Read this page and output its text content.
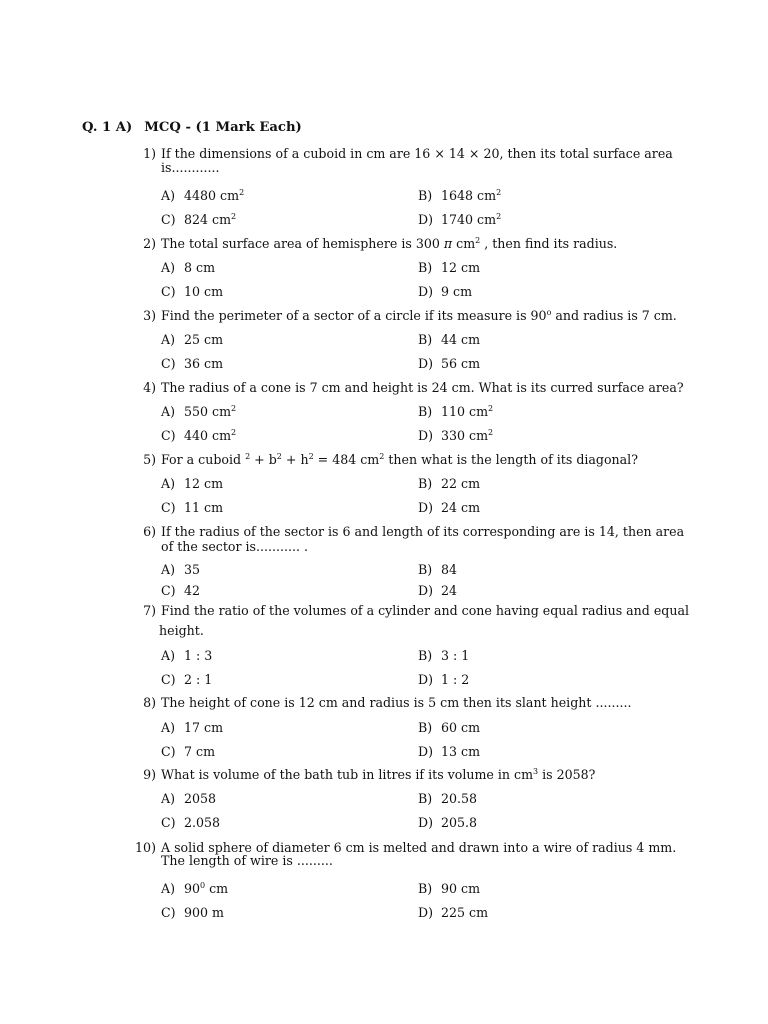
Q. 1 A) MCQ - (1 Mark Each)
1) If the dimensions of a cuboid in cm are 16 × 14 × 20, then its total surface area
is............
A) 4480 $cm^2$	B) 1648 $cm^2$
C) 824 $cm^2$	D) 1740 $cm^2$
2) The total surface area of hemisphere is 300 π $cm^2$ , then find its radius.
A) 8 cm	B) 12 cm
C) 10 cm	D) 9 cm
3) Find the perimeter of a sector of a circle if its measure is 90$^o$ and radius is 7 cm.
A) 25 cm	B) 44 cm
C) 36 cm	D) 56 cm
4) The radius of a cone is 7 cm and height is 24 cm. What is its curred surface area?
A) 550 $cm^2$	B) 110 $cm^2$
C) 440 $cm^2$	D) 330 $cm^2$
5) For a cuboid $^2 + b^2 + h^2 = 484$ $cm^2$ then what is the length of its diagonal?
A) 12 cm	B) 22 cm
C) 11 cm	D) 24 cm
6) If the radius of the sector is 6 and length of its corresponding are is 14, then area
of the sector is........... .
A) 35	B) 84
C) 42	D) 24
7) Find the ratio of the volumes of a cylinder and cone having equal radius and equal
height.
A) 1 : 3	B) 3 : 1
C) 2 : 1	D) 1 : 2
8) The height of cone is 12 cm and radius is 5 cm then its slant height .........
A) 17 cm	B) 60 cm
C) 7 cm	D) 13 cm
9) What is volume of the bath tub in litres if its volume in $cm^3$ is 2058?
A) 2058	B) 20.58
C) 2.058	D) 205.8
10) A solid sphere of diameter 6 cm is melted and drawn into a wire of radius 4 mm.
The length of wire is .........
A) $90^0$ cm	B) 90 cm
C) 900 m	D) 225 cm
